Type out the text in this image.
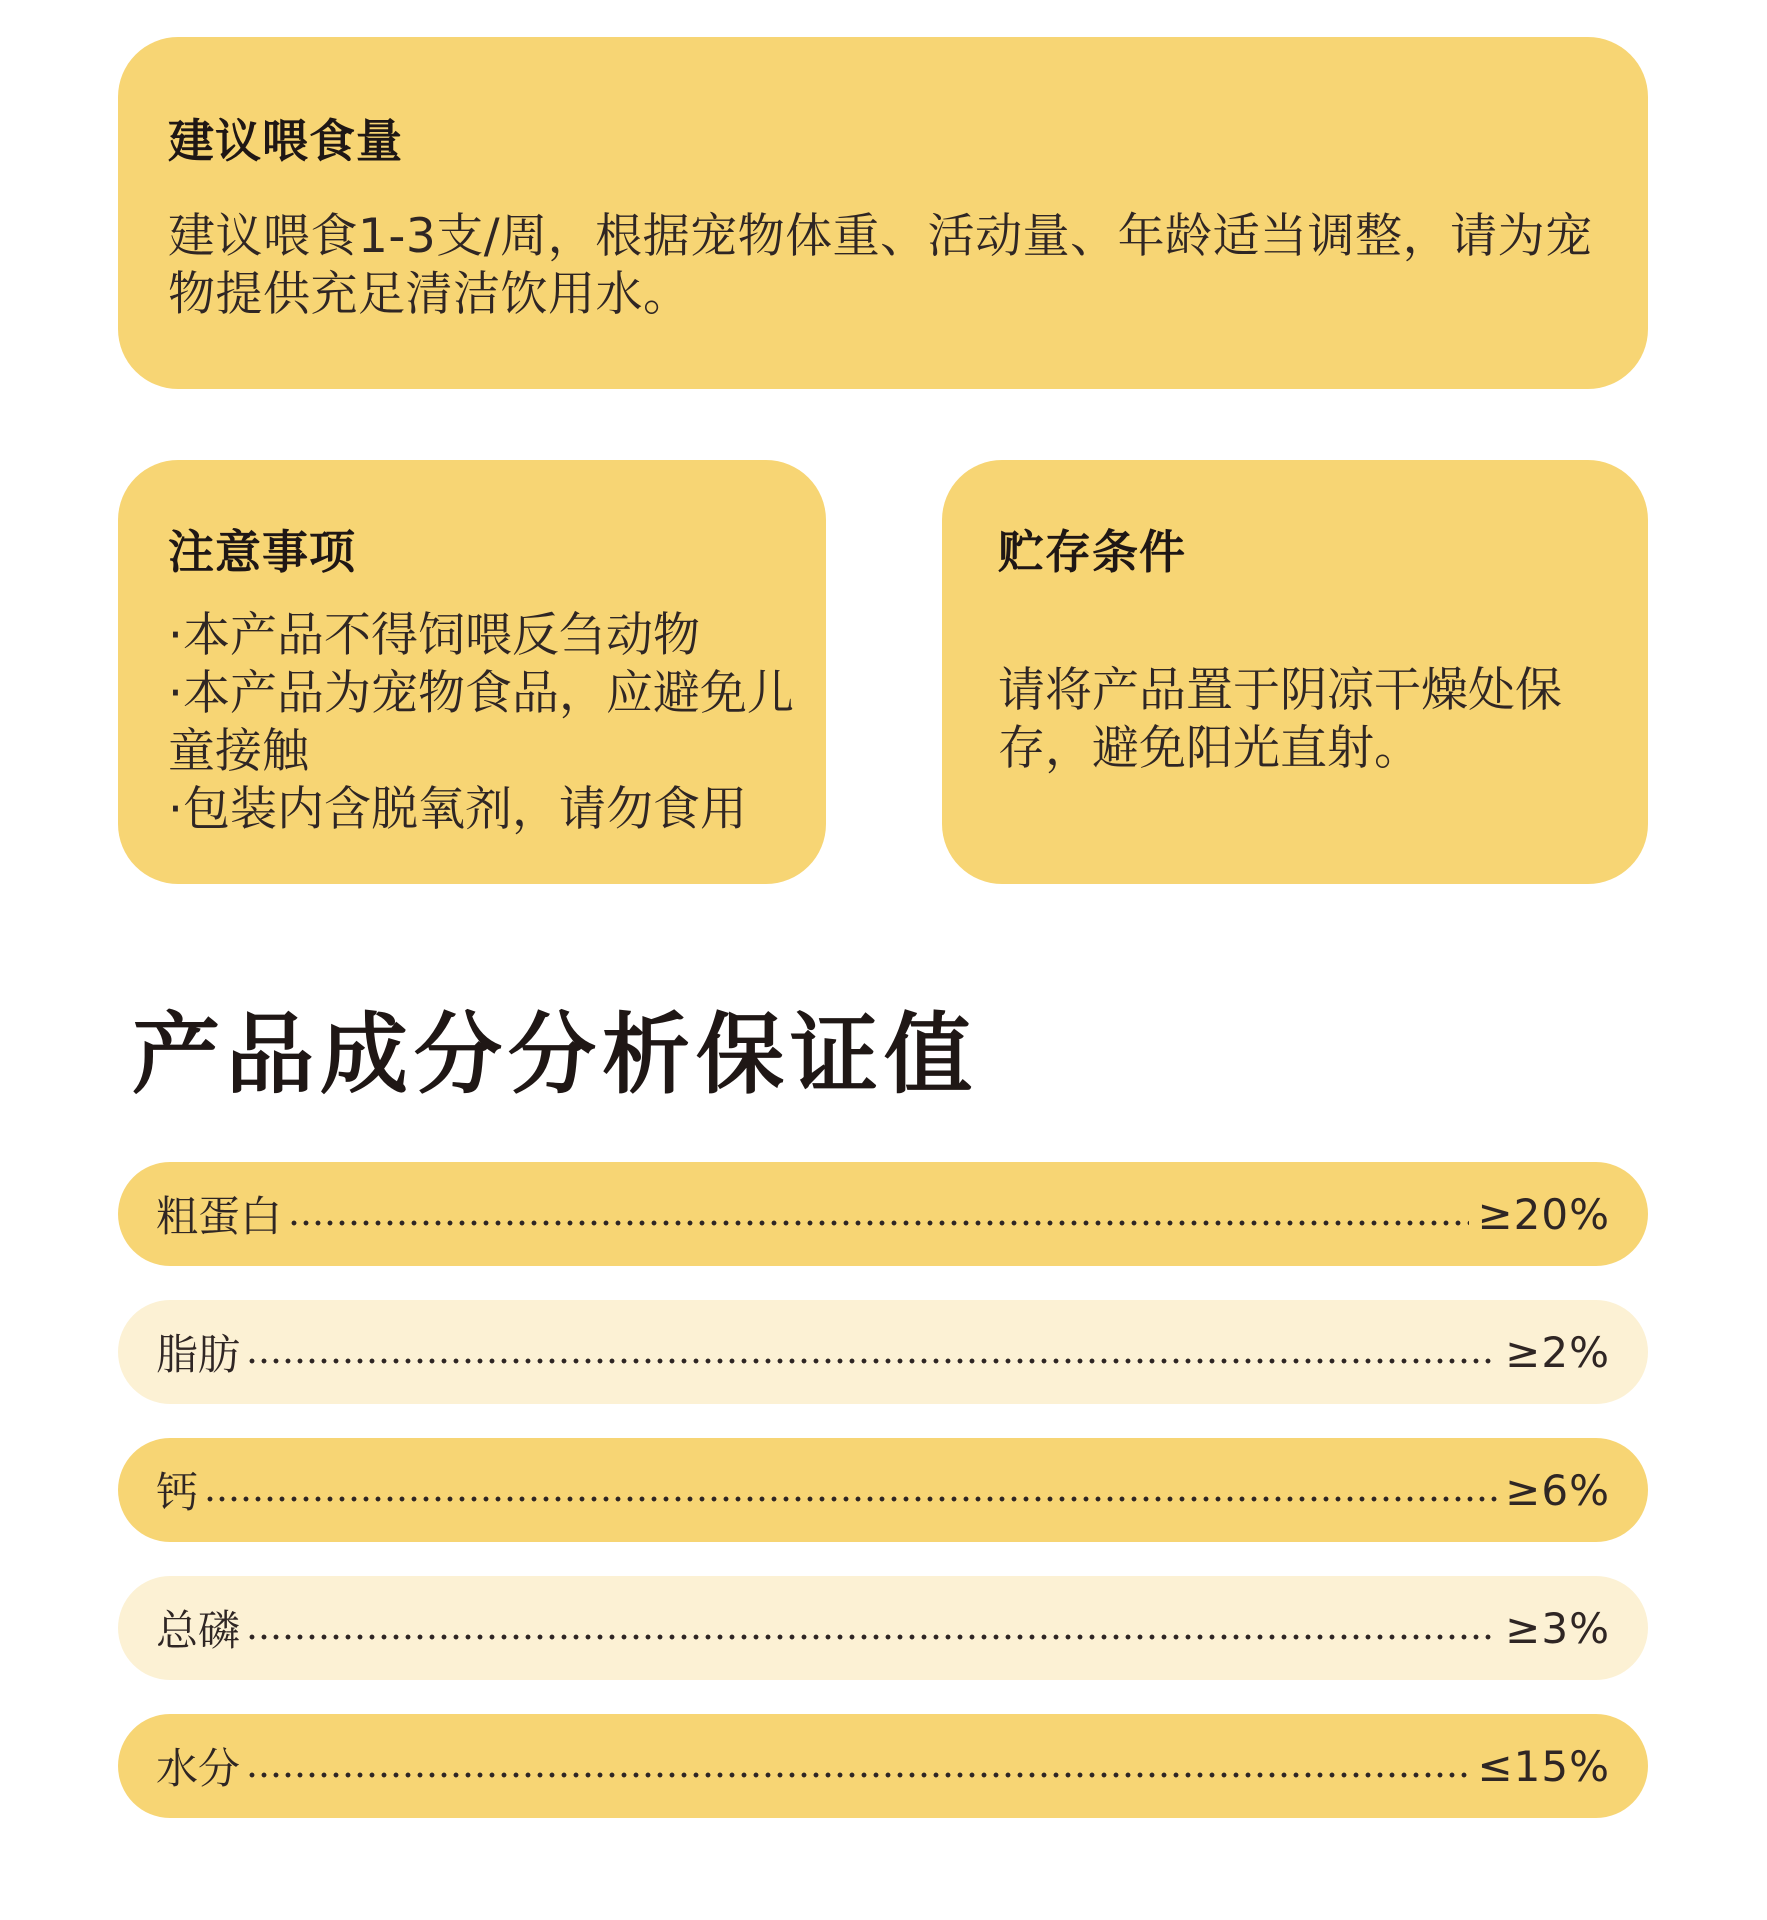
建议喂食量
建议喂食1-3支/周，根据宠物体重、活动量、年龄适当调整，请为宠物提供充足清洁饮用水。
注意事项

·本产品不得饲喂反刍动物

·本产品为宠物食品，应避免儿童接触

·包装内含脱氧剂，请勿食用

贮存条件
请将产品置于阴凉干燥处保存，避免阳光直射。
产品成分分析保证值
粗蛋白	≥20%
脂肪	≥2%
钙	≥6%
总磷	≥3%
水分	≤15%
